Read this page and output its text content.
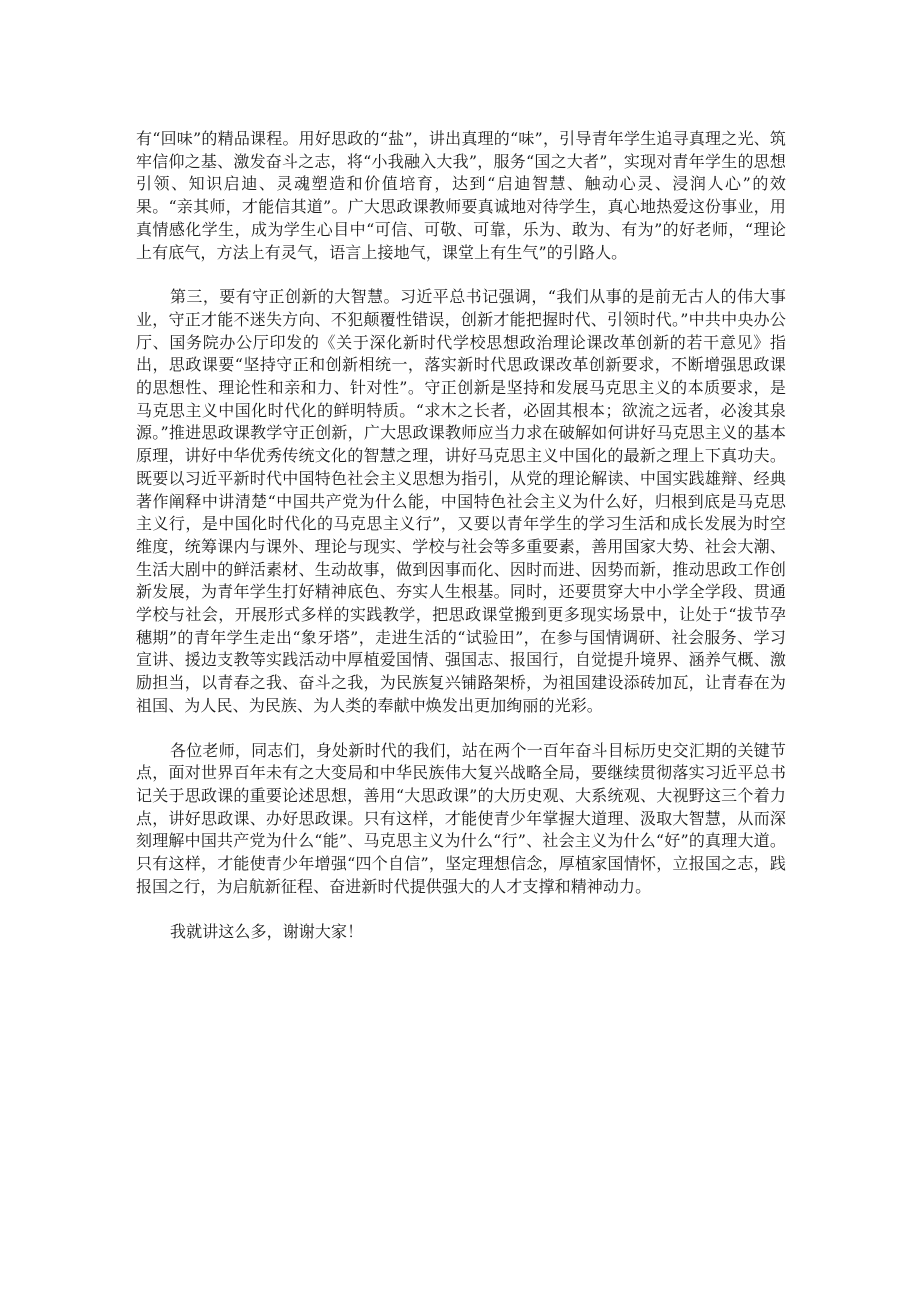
有“回味”的精品课程。用好思政的“盐”，讲出真理的“味”，引导青年学生追寻真理之光、筑牢信仰之基、激发奋斗之志，将“小我融入大我”，服务“国之大者”，实现对青年学生的思想引领、知识启迪、灵魂塑造和价值培育，达到“启迪智慧、触动心灵、浸润人心”的效果。“亲其师，才能信其道”。广大思政课教师要真诚地对待学生，真心地热爱这份事业，用真情感化学生，成为学生心目中“可信、可敬、可靠，乐为、敢为、有为”的好老师，“理论上有底气，方法上有灵气，语言上接地气，课堂上有生气”的引路人。

第三，要有守正创新的大智慧。习近平总书记强调，“我们从事的是前无古人的伟大事业，守正才能不迷失方向、不犯颠覆性错误，创新才能把握时代、引领时代。”中共中央办公厅、国务院办公厅印发的《关于深化新时代学校思想政治理论课改革创新的若干意见》指出，思政课要“坚持守正和创新相统一，落实新时代思政课改革创新要求，不断增强思政课的思想性、理论性和亲和力、针对性”。守正创新是坚持和发展马克思主义的本质要求，是马克思主义中国化时代化的鲜明特质。“求木之长者，必固其根本；欲流之远者，必浚其泉源。”推进思政课教学守正创新，广大思政课教师应当力求在破解如何讲好马克思主义的基本原理，讲好中华优秀传统文化的智慧之理，讲好马克思主义中国化的最新之理上下真功夫。既要以习近平新时代中国特色社会主义思想为指引，从党的理论解读、中国实践雄辩、经典著作阐释中讲清楚“中国共产党为什么能，中国特色社会主义为什么好，归根到底是马克思主义行，是中国化时代化的马克思主义行”，又要以青年学生的学习生活和成长发展为时空维度，统筹课内与课外、理论与现实、学校与社会等多重要素，善用国家大势、社会大潮、生活大剧中的鲜活素材、生动故事，做到因事而化、因时而进、因势而新，推动思政工作创新发展，为青年学生打好精神底色、夯实人生根基。同时，还要贯穿大中小学全学段、贯通学校与社会，开展形式多样的实践教学，把思政课堂搬到更多现实场景中，让处于“拔节孕穗期”的青年学生走出“象牙塔”，走进生活的“试验田”，在参与国情调研、社会服务、学习宣讲、援边支教等实践活动中厚植爱国情、强国志、报国行，自觉提升境界、涵养气概、激励担当，以青春之我、奋斗之我，为民族复兴铺路架桥，为祖国建设添砖加瓦，让青春在为祖国、为人民、为民族、为人类的奉献中焕发出更加绚丽的光彩。

各位老师，同志们，身处新时代的我们，站在两个一百年奋斗目标历史交汇期的关键节点，面对世界百年未有之大变局和中华民族伟大复兴战略全局，要继续贯彻落实习近平总书记关于思政课的重要论述思想，善用“大思政课”的大历史观、大系统观、大视野这三个着力点，讲好思政课、办好思政课。只有这样，才能使青少年掌握大道理、汲取大智慧，从而深刻理解中国共产党为什么“能”、马克思主义为什么“行”、社会主义为什么“好”的真理大道。只有这样，才能使青少年增强“四个自信”，坚定理想信念，厚植家国情怀，立报国之志，践报国之行，为启航新征程、奋进新时代提供强大的人才支撑和精神动力。

我就讲这么多，谢谢大家！
